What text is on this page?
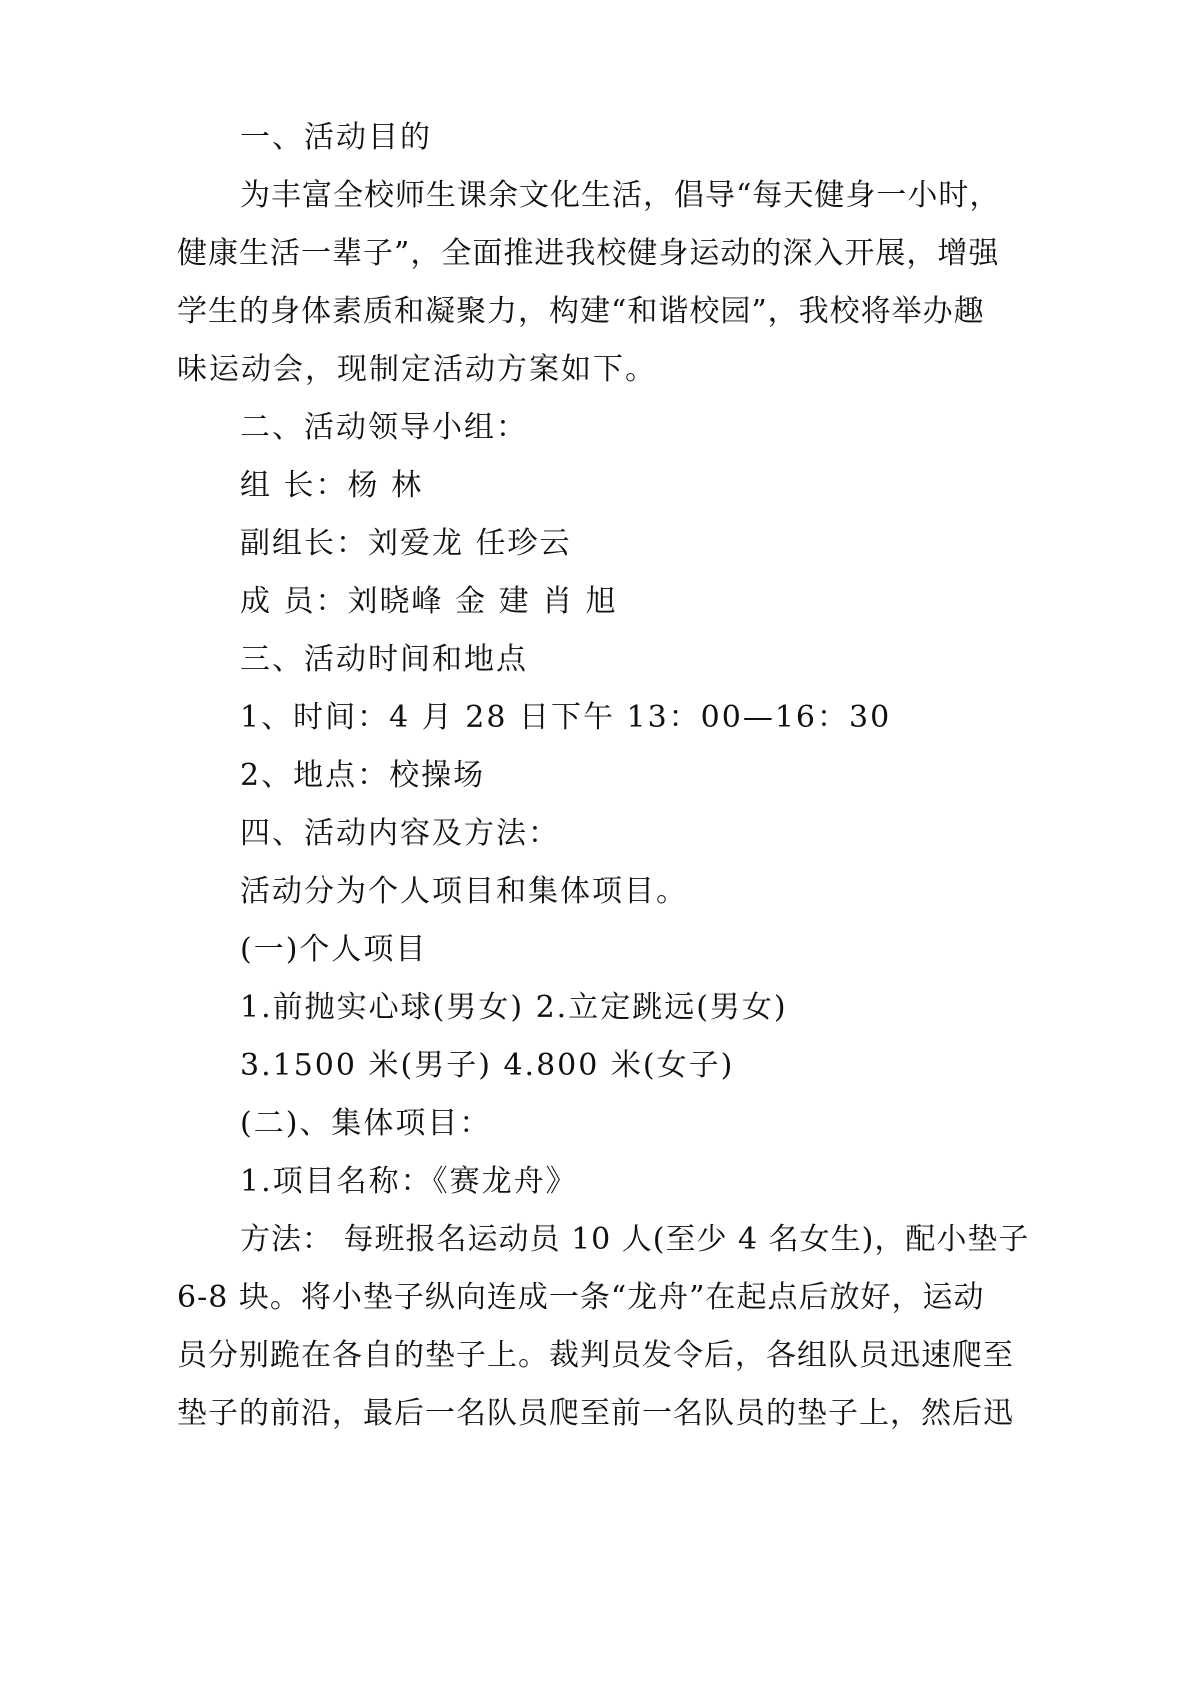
一、活动目的
为丰富全校师生课余文化生活，倡导“每天健身一小时，
健康生活一辈子”，全面推进我校健身运动的深入开展，增强
学生的身体素质和凝聚力，构建“和谐校园”，我校将举办趣
味运动会，现制定活动方案如下。
二、活动领导小组：
组 长：杨 林
副组长：刘爱龙 任珍云
成 员：刘晓峰 金 建 肖 旭
三、活动时间和地点
1、时间：4 月 28 日下午 13：00—16：30
2、地点：校操场
四、活动内容及方法：
活动分为个人项目和集体项目。
(一)个人项目
1.前抛实心球(男女) 2.立定跳远(男女)
3.1500 米(男子) 4.800 米(女子)
(二)、集体项目：
1.项目名称：《赛龙舟》
方法： 每班报名运动员 10 人(至少 4 名女生)，配小垫子
6-8 块。将小垫子纵向连成一条“龙舟”在起点后放好，运动
员分别跪在各自的垫子上。裁判员发令后，各组队员迅速爬至
垫子的前沿，最后一名队员爬至前一名队员的垫子上，然后迅
